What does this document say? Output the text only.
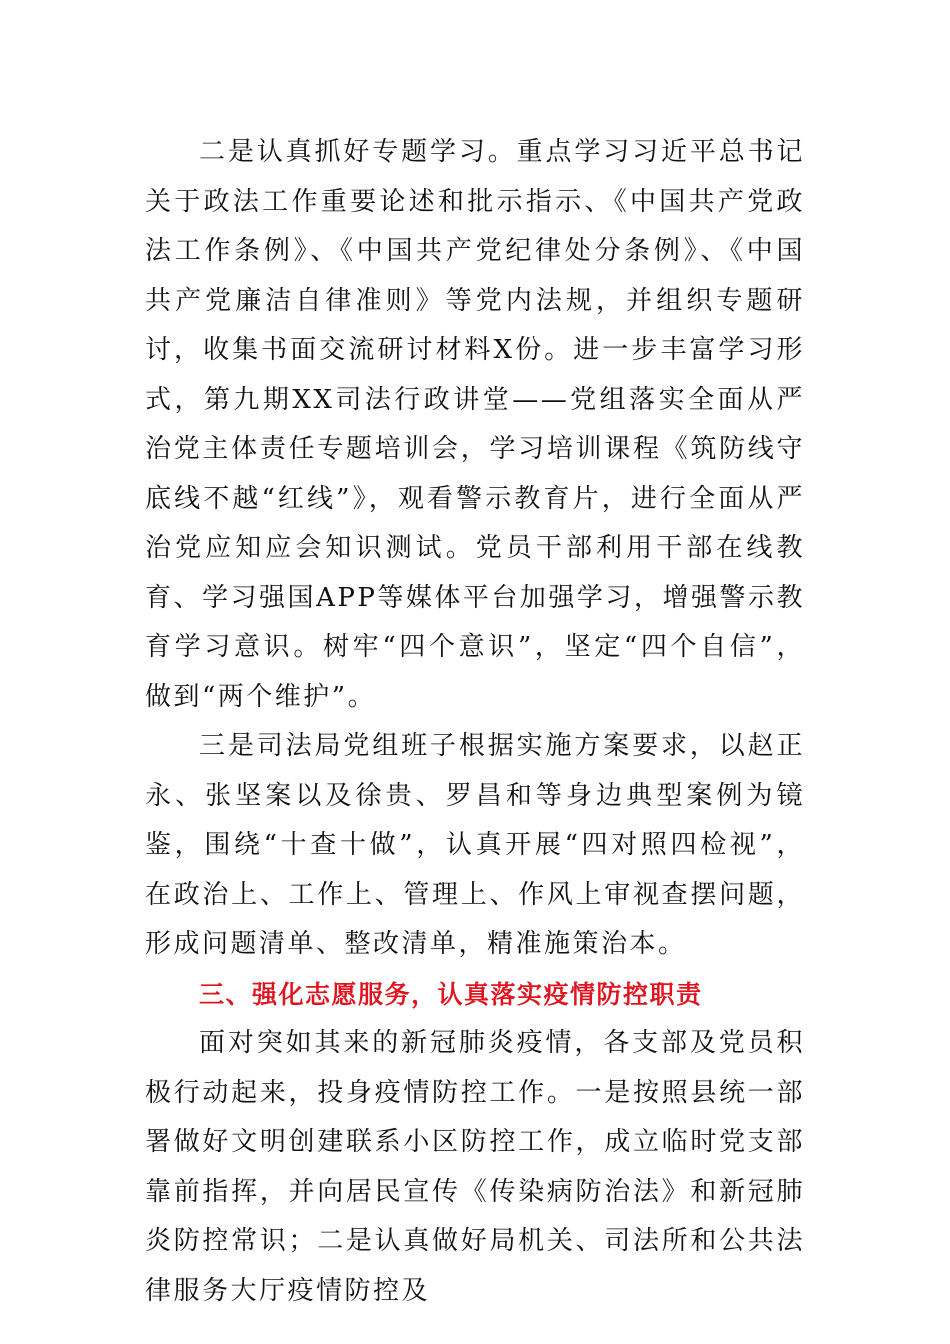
二是认真抓好专题学习。重点学习习近平总书记关于政法工作重要论述和批示指示、《中国共产党政法工作条例》、《中国共产党纪律处分条例》、《中国共产党廉洁自律准则》等党内法规，并组织专题研讨，收集书面交流研讨材料X份。进一步丰富学习形式，第九期XX司法行政讲堂——党组落实全面从严治党主体责任专题培训会，学习培训课程《筑防线守底线不越“红线”》，观看警示教育片，进行全面从严治党应知应会知识测试。党员干部利用干部在线教育、学习强国APP等媒体平台加强学习，增强警示教育学习意识。树牢“四个意识”，坚定“四个自信”，做到“两个维护”。

三是司法局党组班子根据实施方案要求，以赵正永、张坚案以及徐贵、罗昌和等身边典型案例为镜鉴，围绕“十查十做”，认真开展“四对照四检视”，在政治上、工作上、管理上、作风上审视查摆问题，形成问题清单、整改清单，精准施策治本。

三、强化志愿服务，认真落实疫情防控职责

面对突如其来的新冠肺炎疫情，各支部及党员积极行动起来，投身疫情防控工作。一是按照县统一部署做好文明创建联系小区防控工作，成立临时党支部靠前指挥，并向居民宣传《传染病防治法》和新冠肺炎防控常识；二是认真做好局机关、司法所和公共法律服务大厅疫情防控及
